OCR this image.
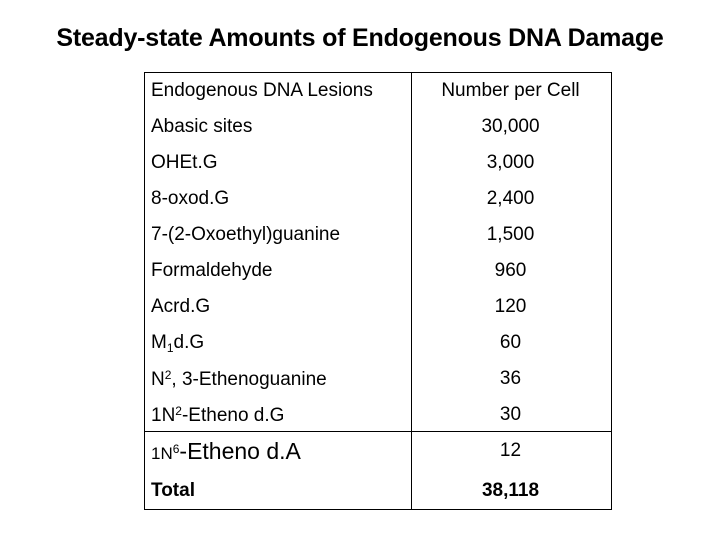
Steady-state Amounts of Endogenous DNA Damage
Endogenous DNA Lesions	Number per Cell
Abasic sites	30,000
OHEt.G	3,000
8-oxod.G	2,400
7-(2-Oxoethyl)guanine	1,500
Formaldehyde	960
Acrd.G	120
$M_1d.G$	60
$N^2$, 3-Ethenoguanine	36
$1N^2$-Etheno d.G	30
$1N^6$-Etheno d.A	12
Total	38,118
